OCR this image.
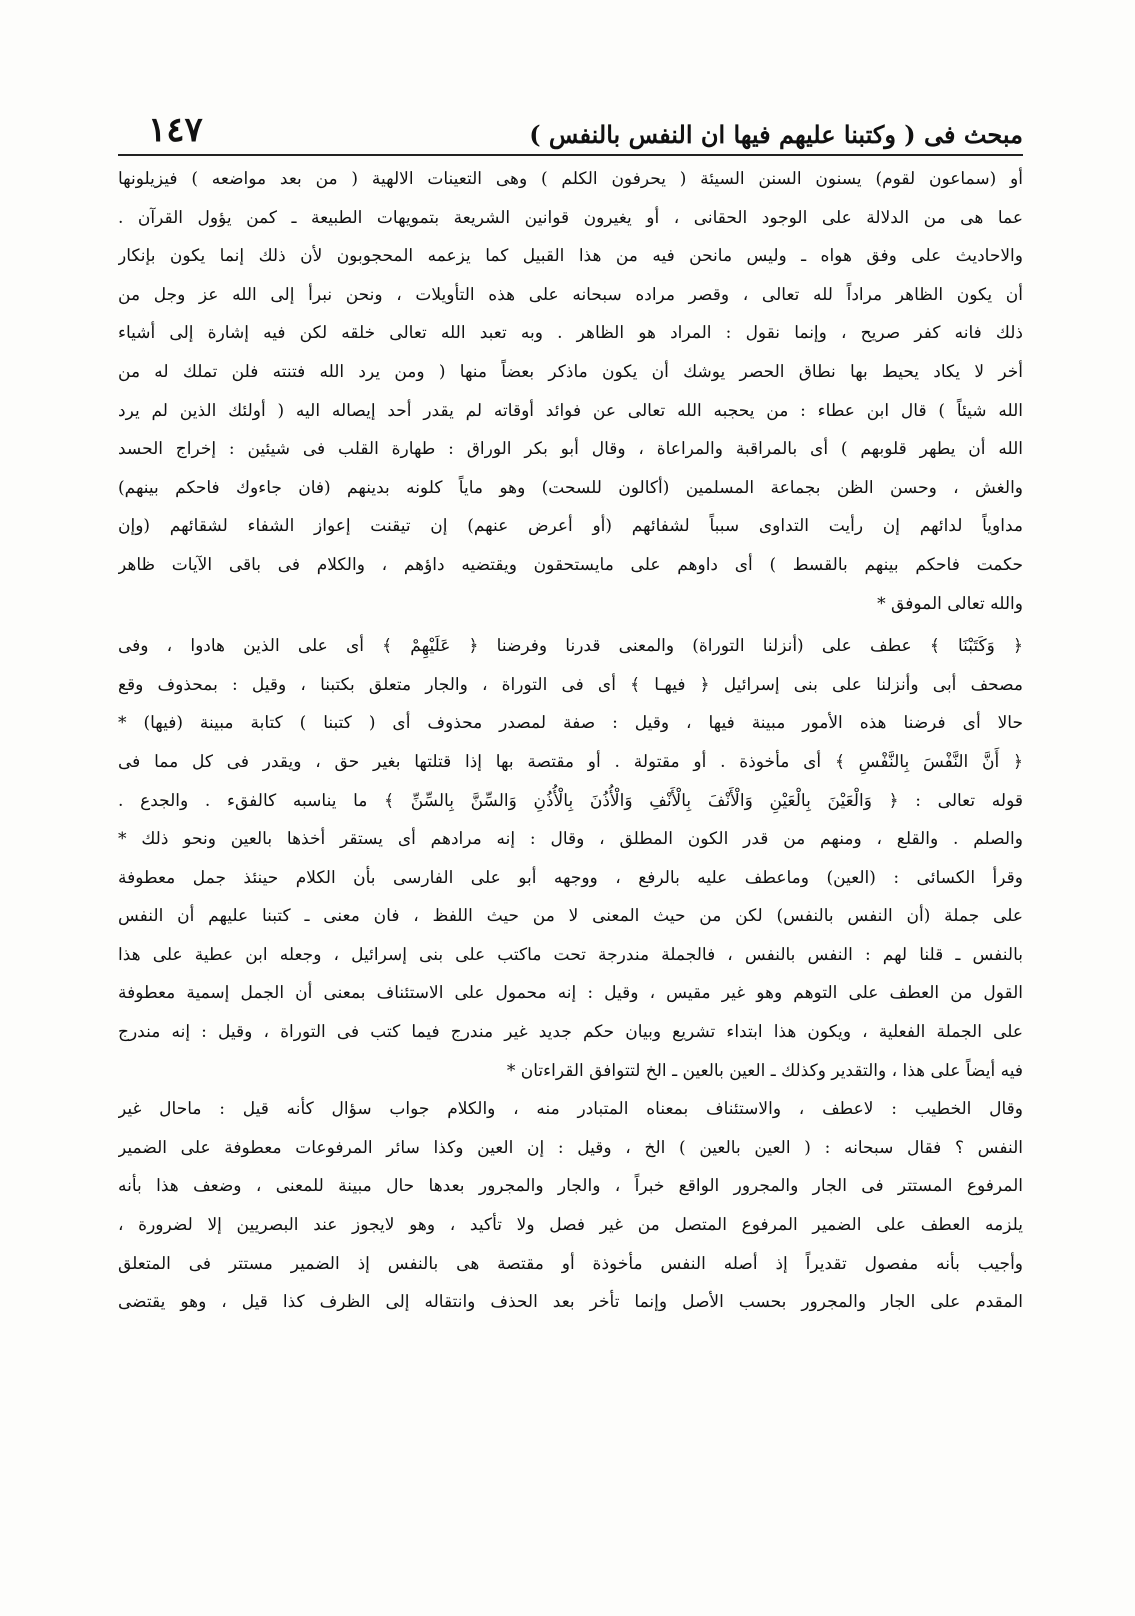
مبحث فى ( وكتبنا عليهم فيها ان النفس بالنفس )
١٤٧
أو (سماعون لقوم) يسنون السنن السيئة ( يحرفون الكلم ) وهى التعينات الالهية ( من بعد مواضعه ) فيزيلونها
عما هى من الدلالة على الوجود الحقانى ، أو يغيرون قوانين الشريعة بتمويهات الطبيعة ـ كمن يؤول القرآن .
والاحاديث على وفق هواه ـ وليس مانحن فيه من هذا القبيل كما يزعمه المحجوبون لأن ذلك إنما يكون بإنكار
أن يكون الظاهر مراداً لله تعالى ، وقصر مراده سبحانه على هذه التأويلات ، ونحن نبرأ إلى الله عز وجل من
ذلك فانه كفر صريح ، وإنما نقول : المراد هو الظاهر . وبه تعبد الله تعالى خلقه لكن فيه إشارة إلى أشياء
أخر لا يكاد يحيط بها نطاق الحصر يوشك أن يكون ماذكر بعضاً منها ( ومن يرد الله فتنته فلن تملك له من
الله شيئاً ) قال ابن عطاء : من يحجبه الله تعالى عن فوائد أوقاته لم يقدر أحد إيصاله اليه ( أولئك الذين لم يرد
الله أن يطهر قلوبهم ) أى بالمراقبة والمراعاة ، وقال أبو بكر الوراق : طهارة القلب فى شيئين : إخراج الحسد
والغش ، وحسن الظن بجماعة المسلمين (أكالون للسحت) وهو ماياً كلونه بدينهم (فان جاءوك فاحكم بينهم)
مداوياً لدائهم إن رأيت التداوى سبباً لشفائهم (أو أعرض عنهم) إن تيقنت إعواز الشفاء لشقائهم (وإن
حكمت فاحكم بينهم بالقسط ) أى داوهم على مايستحقون ويقتضيه داؤهم ، والكلام فى باقى الآيات ظاهر
والله تعالى الموفق *
﴿ وَكَتَبْنَا ﴾ عطف على (أنزلنا التوراة) والمعنى قدرنا وفرضنا ﴿ عَلَيْهِمْ ﴾ أى على الذين هادوا ، وفى
مصحف أبى وأنزلنا على بنى إسرائيل ﴿ فيهـا ﴾ أى فى التوراة ، والجار متعلق بكتبنا ، وقيل : بمحذوف وقع
حالا أى فرضنا هذه الأمور مبينة فيها ، وقيل : صفة لمصدر محذوف أى ( كتبنا ) كتابة مبينة (فيها) *
﴿ أَنَّ النَّفْسَ بِالنَّفْسِ ﴾ أى مأخوذة . أو مقتولة . أو مقتصة بها إذا قتلتها بغير حق ، ويقدر فى كل مما فى
قوله تعالى : ﴿ وَالْعَيْنَ بِالْعَيْنِ وَالْأَنْفَ بِالْأَنْفِ وَالْأُذُنَ بِالْأُذُنِ وَالسِّنَّ بِالسِّنِّ ﴾ ما يناسبه كالفقء . والجدع .
والصلم . والقلع ، ومنهم من قدر الكون المطلق ، وقال : إنه مرادهم أى يستقر أخذها بالعين ونحو ذلك *
وقرأ الكسائى : (العين) وماعطف عليه بالرفع ، ووجهه أبو على الفارسى بأن الكلام حينئذ جمل معطوفة
على جملة (أن النفس بالنفس) لكن من حيث المعنى لا من حيث اللفظ ، فان معنى ـ كتبنا عليهم أن النفس
بالنفس ـ قلنا لهم : النفس بالنفس ، فالجملة مندرجة تحت ماكتب على بنى إسرائيل ، وجعله ابن عطية على هذا
القول من العطف على التوهم وهو غير مقيس ، وقيل : إنه محمول على الاستئناف بمعنى أن الجمل إسمية معطوفة
على الجملة الفعلية ، ويكون هذا ابتداء تشريع وبيان حكم جديد غير مندرج فيما كتب فى التوراة ، وقيل : إنه مندرج
فيه أيضاً على هذا ، والتقدير وكذلك ـ العين بالعين ـ الخ لتتوافق القراءتان *
وقال الخطيب : لاعطف ، والاستئناف بمعناه المتبادر منه ، والكلام جواب سؤال كأنه قيل : ماحال غير
النفس ؟ فقال سبحانه : ( العين بالعين ) الخ ، وقيل : إن العين وكذا سائر المرفوعات معطوفة على الضمير
المرفوع المستتر فى الجار والمجرور الواقع خبراً ، والجار والمجرور بعدها حال مبينة للمعنى ، وضعف هذا بأنه
يلزمه العطف على الضمير المرفوع المتصل من غير فصل ولا تأكيد ، وهو لايجوز عند البصريين إلا لضرورة ،
وأجيب بأنه مفصول تقديراً إذ أصله النفس مأخوذة أو مقتصة هى بالنفس إذ الضمير مستتر فى المتعلق
المقدم على الجار والمجرور بحسب الأصل وإنما تأخر بعد الحذف وانتقاله إلى الظرف كذا قيل ، وهو يقتضى
